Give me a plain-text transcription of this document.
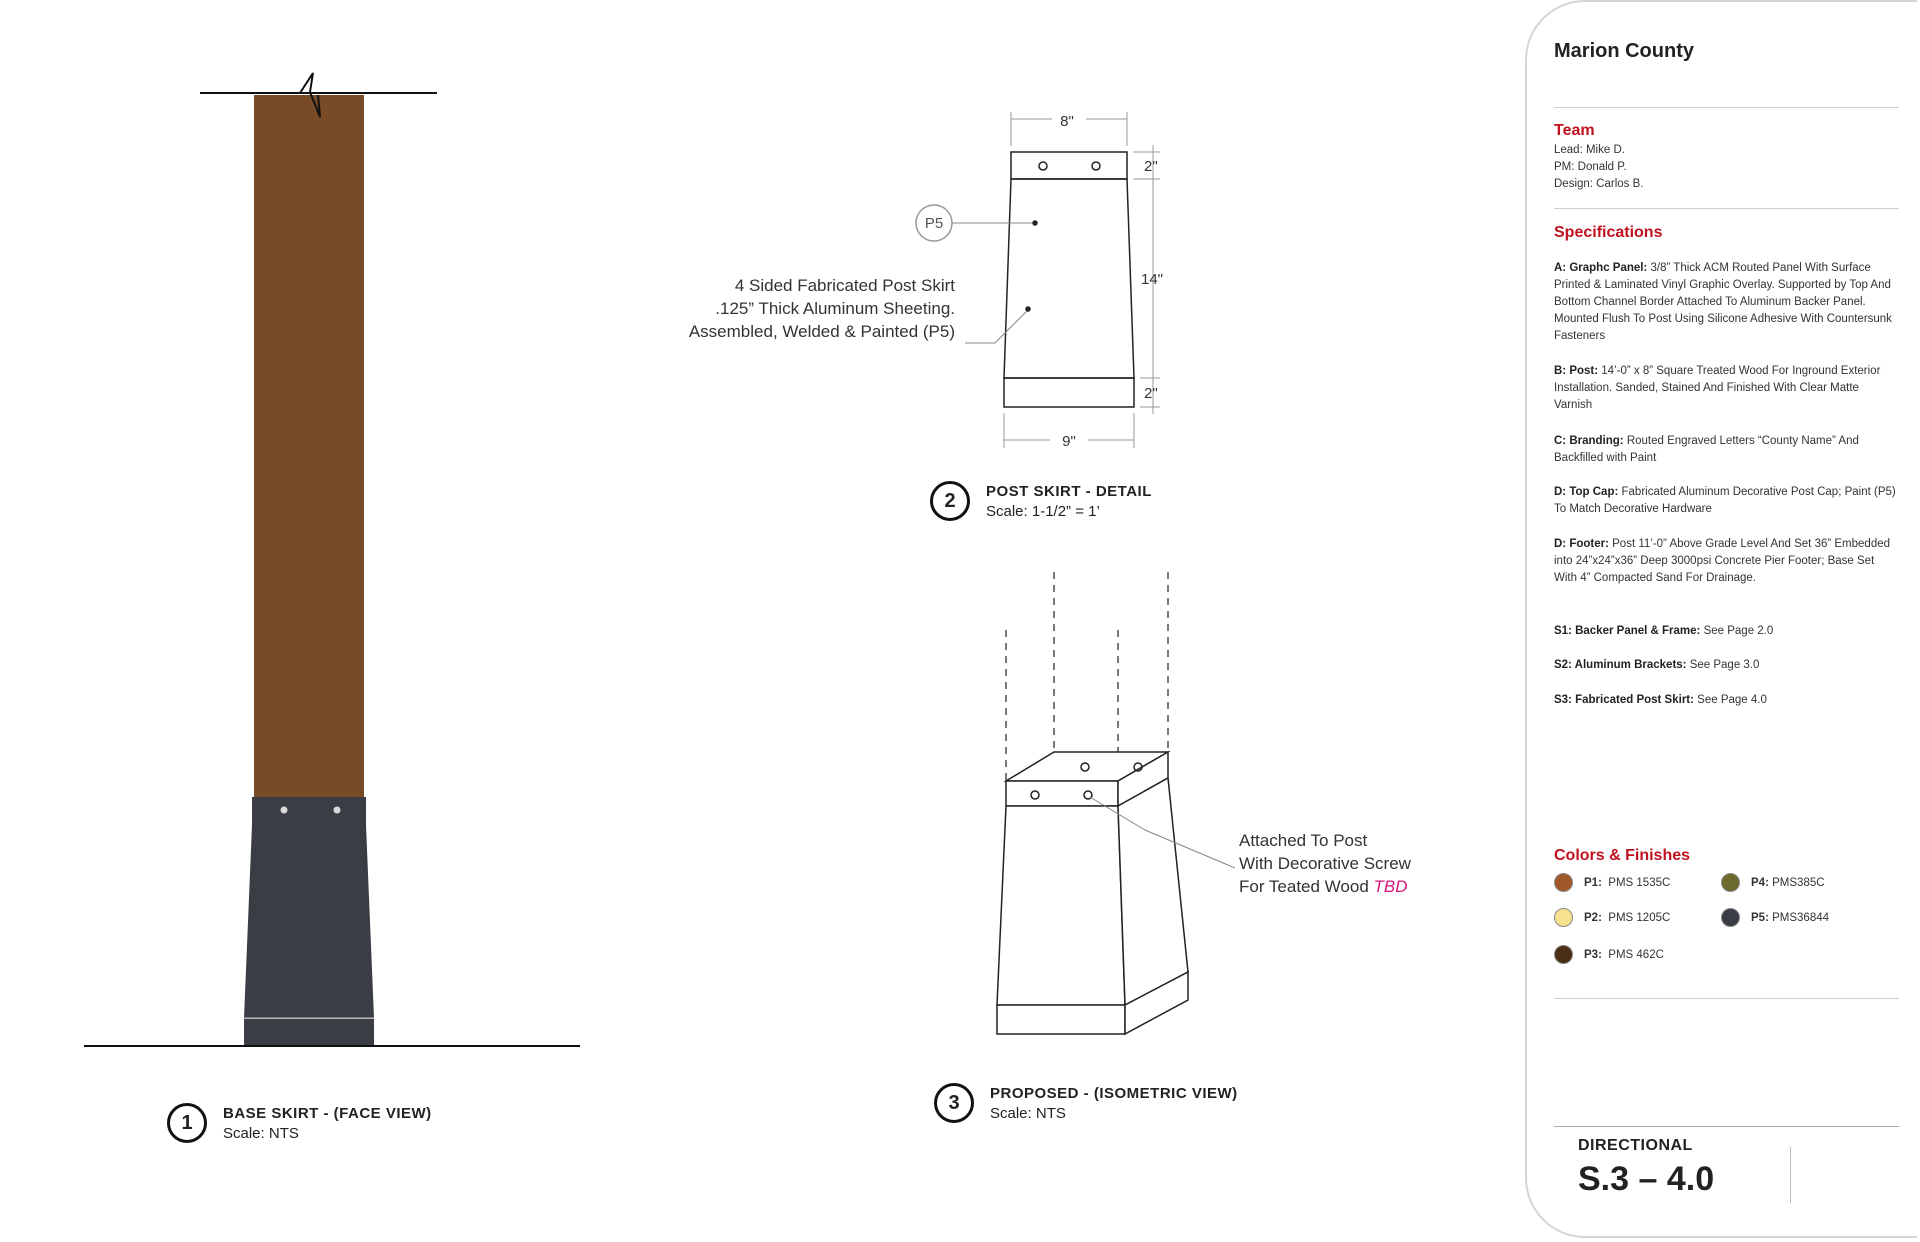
8"
9"
2"
14"
2"
P5
4 Sided Fabricated Post Skirt
.125” Thick Aluminum Sheeting.
Assembled, Welded & Painted (P5)
Attached To Post
With Decorative Screw
For Teated Wood TBD
1	BASE SKIRT - (FACE VIEW)
Scale: NTS
2	POST SKIRT - DETAIL
Scale: 1-1/2” = 1’
3	PROPOSED - (ISOMETRIC VIEW)
Scale: NTS
Marion County
Team
Lead: Mike D.
PM: Donald P.
Design: Carlos B.
Specifications
A: Graphc Panel: 3/8” Thick ACM Routed Panel With Surface Printed & Laminated Vinyl Graphic Overlay. Supported by Top And Bottom Channel Border Attached To Aluminum Backer Panel. Mounted Flush To Post Using Silicone Adhesive With Countersunk Fasteners
B: Post: 14’-0” x 8” Square Treated Wood For Inground Exterior Installation. Sanded, Stained And Finished With Clear Matte Varnish
C: Branding: Routed Engraved Letters “County Name” And Backfilled with Paint
D: Top Cap: Fabricated Aluminum Decorative Post Cap; Paint (P5) To Match Decorative Hardware
D: Footer: Post 11’-0” Above Grade Level And Set 36” Embedded into 24”x24”x36” Deep 3000psi Concrete Pier Footer; Base Set With 4” Compacted Sand For Drainage.
S1: Backer Panel & Frame: See Page 2.0
S2: Aluminum Brackets: See Page 3.0
S3: Fabricated Post Skirt: See Page 4.0
Colors & Finishes
P1:
PMS 1535C	P4:
PMS385C
P2:
PMS 1205C	P5:
PMS36844
P3:
PMS 462C
DIRECTIONAL
S.3 – 4.0
